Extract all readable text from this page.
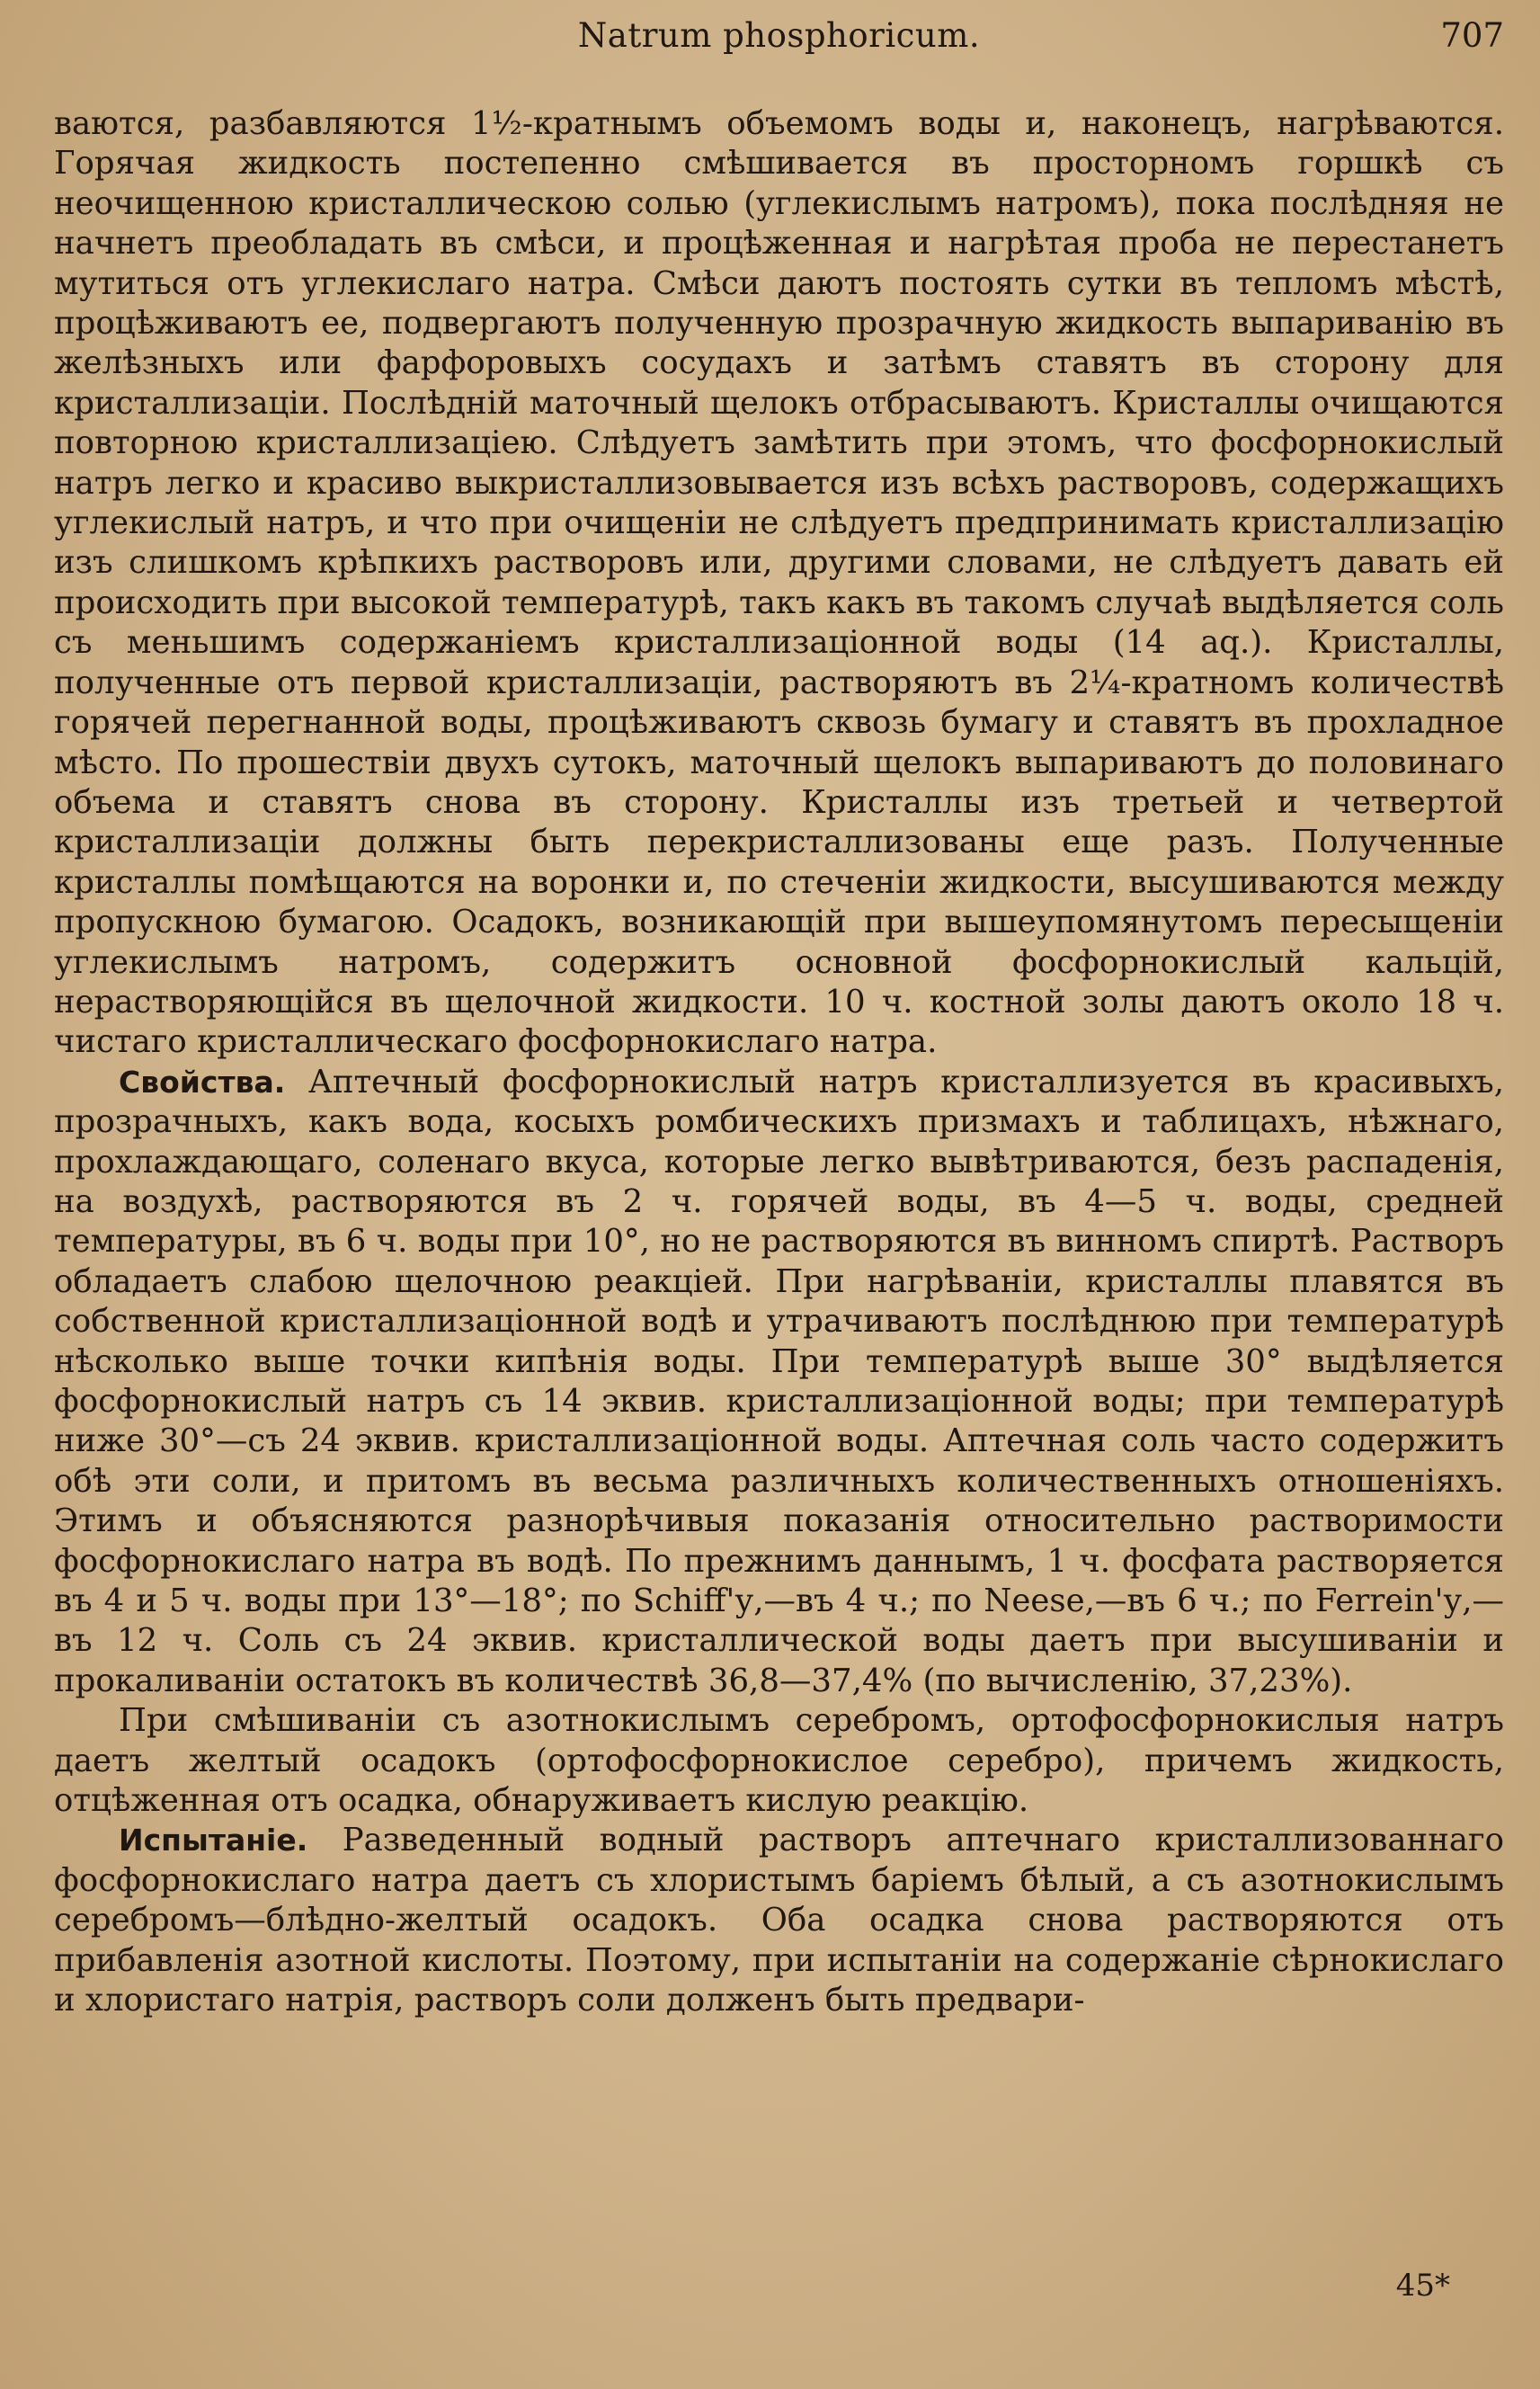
Natrum phosphoricum.	707

ваются, разбавляются 1½-кратнымъ объемомъ воды и, наконецъ, нагрѣваются. Горячая жидкость постепенно смѣшивается въ просторномъ горшкѣ съ неочищенною кристаллическою солью (углекислымъ натромъ), пока послѣдняя не начнетъ преобладать въ смѣси, и процѣженная и нагрѣтая проба не перестанетъ мутиться отъ углекислаго натра. Смѣси даютъ постоять сутки въ тепломъ мѣстѣ, процѣживаютъ ее, подвергаютъ полученную прозрачную жидкость выпариванію въ желѣзныхъ или фарфоровыхъ сосудахъ и затѣмъ ставятъ въ сторону для кристаллизаціи. Послѣдній маточный щелокъ отбрасываютъ. Кристаллы очищаются повторною кристаллизаціею. Слѣдуетъ замѣтить при этомъ, что фосфорнокислый натръ легко и красиво выкристаллизовывается изъ всѣхъ растворовъ, содержащихъ углекислый натръ, и что при очищеніи не слѣдуетъ предпринимать кристаллизацію изъ слишкомъ крѣпкихъ растворовъ или, другими словами, не слѣдуетъ давать ей происходить при высокой температурѣ, такъ какъ въ такомъ случаѣ выдѣляется соль съ меньшимъ содержаніемъ кристаллизаціонной воды (14 aq.). Кристаллы, полученные отъ первой кристаллизаціи, растворяютъ въ 2¼-кратномъ количествѣ горячей перегнанной воды, процѣживаютъ сквозь бумагу и ставятъ въ прохладное мѣсто. По прошествіи двухъ сутокъ, маточный щелокъ выпариваютъ до половинаго объема и ставятъ снова въ сторону. Кристаллы изъ третьей и четвертой кристаллизаціи должны быть перекристаллизованы еще разъ. Полученные кристаллы помѣщаются на воронки и, по стеченіи жидкости, высушиваются между пропускною бумагою. Осадокъ, возникающій при вышеупомянутомъ пересыщеніи углекислымъ натромъ, содержитъ основной фосфорнокислый кальцій, нерастворяющійся въ щелочной жидкости. 10 ч. костной золы даютъ около 18 ч. чистаго кристаллическаго фосфорнокислаго натра.

Свойства. Аптечный фосфорнокислый натръ кристаллизуется въ красивыхъ, прозрачныхъ, какъ вода, косыхъ ромбическихъ призмахъ и таблицахъ, нѣжнаго, прохлаждающаго, соленаго вкуса, которые легко вывѣтриваются, безъ распаденія, на воздухѣ, растворяются въ 2 ч. горячей воды, въ 4—5 ч. воды, средней температуры, въ 6 ч. воды при 10°, но не растворяются въ винномъ спиртѣ. Растворъ обладаетъ слабою щелочною реакціей. При нагрѣваніи, кристаллы плавятся въ собственной кристаллизаціонной водѣ и утрачиваютъ послѣднюю при температурѣ нѣсколько выше точки кипѣнія воды. При температурѣ выше 30° выдѣляется фосфорнокислый натръ съ 14 эквив. кристаллизаціонной воды; при температурѣ ниже 30°—съ 24 эквив. кристаллизаціонной воды. Аптечная соль часто содержитъ обѣ эти соли, и притомъ въ весьма различныхъ количественныхъ отношеніяхъ. Этимъ и объясняются разнорѣчивыя показанія относительно растворимости фосфорнокислаго натра въ водѣ. По прежнимъ даннымъ, 1 ч. фосфата растворяется въ 4 и 5 ч. воды при 13°—18°; по Schiff'у,—въ 4 ч.; по Neese,—въ 6 ч.; по Ferrein'у,—въ 12 ч. Соль съ 24 эквив. кристаллической воды даетъ при высушиваніи и прокаливаніи остатокъ въ количествѣ 36,8—37,4% (по вычисленію, 37,23%).

При смѣшиваніи съ азотнокислымъ серебромъ, ортофосфорнокислыя натръ даетъ желтый осадокъ (ортофосфорнокислое серебро), причемъ жидкость, отцѣженная отъ осадка, обнаруживаетъ кислую реакцію.

Испытаніе. Разведенный водный растворъ аптечнаго кристаллизованнаго фосфорнокислаго натра даетъ съ хлористымъ баріемъ бѣлый, а съ азотнокислымъ серебромъ—блѣдно-желтый осадокъ. Оба осадка снова растворяются отъ прибавленія азотной кислоты. Поэтому, при испытаніи на содержаніе сѣрнокислаго и хлористаго натрія, растворъ соли долженъ быть предвари-

45*
